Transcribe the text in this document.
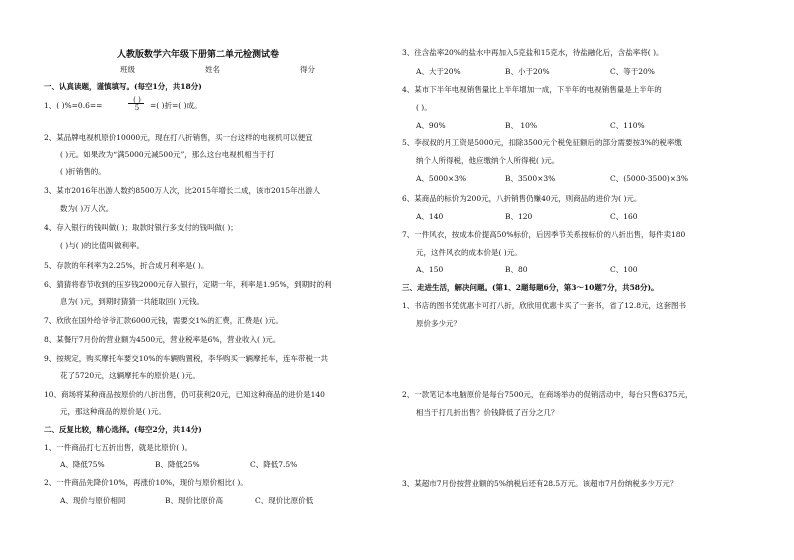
人教版数学六年级下册第二单元检测试卷
班级	姓名	得分
一、认真读题，谨慎填写。(每空1分，共18分)
1、( )%=0.6==
( )
5	=( )折=( )成。
2、某品牌电视机原价10000元，现在打八折销售，买一台这样的电视机可以便宜
( )元。如果改为“满5000元减500元”，那么这台电视机相当于打
( )折销售的。
3、某市2016年出游人数约8500万人次，比2015年增长二成，该市2015年出游人
数为( )万人次。
4、存入银行的钱叫做( )；取款时银行多支付的钱叫做( )；
( )与( )的比值叫做利率。
5、存款的年利率为2.25%，折合成月利率是( )。
6、猜猜将春节收到的压岁钱2000元存入银行，定期一年，利率是1.95%，到期时的利
息为( )元，到期时猜猜一共能取回( )元钱。
7、欣欣在国外给爷爷汇款6000元钱，需要交1%的汇费，汇费是( )元。
8、某餐厅7月份的营业额为4500元，营业税率是6%，营业收入( )元。
9、按规定，购买摩托车要交10%的车辆购置税，李华购买一辆摩托车，连车带税一共
花了5720元，这辆摩托车的原价是( )元。
10、商场将某种商品按原价的八折出售，仍可获利20元，已知这种商品的进价是140
元，那这种商品的原价是( )元。
二、反复比较，精心选择。(每空2分，共14分)
1、一件商品打七五折出售，就是比原价( )。
A、降低75%	B、降低25%	C、降低7.5%
2、一件商品先降价10%，再涨价10%，现价与原价相比( )。
A、现价与原价相同	B、现价比原价高	C、现价比原价低
3、往含盐率20%的盐水中再加入5克盐和15克水，待盐融化后，含盐率将( )。
A、大于20%	B、小于20%	C、等于20%
4、某市下半年电视销售量比上半年增加一成，下半年的电视销售量是上半年的
( )。
A、90%	B、 10%	C、110%
5、李叔叔的月工资是5000元，扣除3500元个税免征额后的部分需要按3%的税率缴
纳个人所得税，他应缴纳个人所得税( )元。
A、5000×3%	B、3500×3%	C、(5000-3500)×3%
6、某商品的标价为200元，八折销售仍赚40元，则商品的进价为( )元。
A、140	B、120	C、160
7、一件风衣，按成本价提高50%标价，后因季节关系按标价的八折出售，每件卖180
元，这件风衣的成本价是( )元。
A、150	B、80	C、100
三、走进生活，解决问题。(第1、2题每题6分，第3～10题7分，共58分)。
1、书店的图书凭优惠卡可打八折，欣欣用优惠卡买了一套书，省了12.8元，这套图书
原价多少元？
2、一款笔记本电脑原价是每台7500元，在商场举办的促销活动中，每台只售6375元，
相当于打几折出售？价钱降低了百分之几？
3、某超市7月份按营业额的5%纳税后还有28.5万元。该超市7月份纳税多少万元？
